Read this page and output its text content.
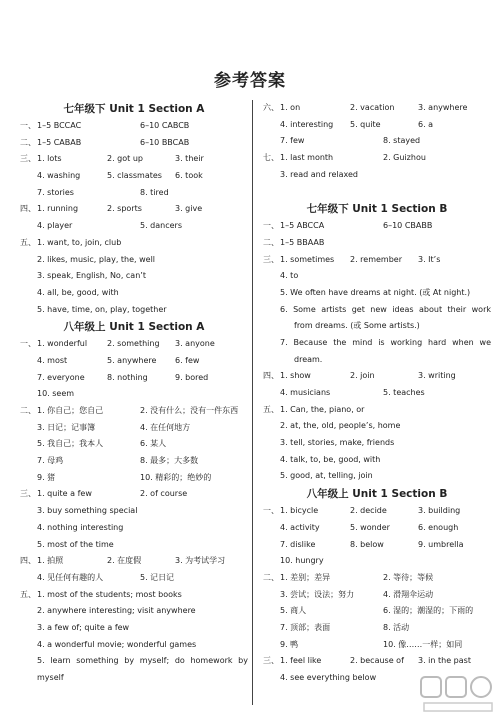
参考答案
七年级下 Unit 1 Section A
一、 1–5 BCCAC	6–10 CABCB
二、 1–5 CABAB	6–10 BBCAB
三、 1. lots	2. got up	3. their
4. washing	5. classmates 6. took
7. stories	8. tired
四、 1. running	2. sports	3. give
4. player	5. dancers
五、 1. want, to, join, club
2. likes, music, play, the, well
3. speak, English, No, can’t
4. all, be, good, with
5. have, time, on, play, together
八年级上 Unit 1 Section A
一、 1. wonderful 2. something 3. anyone
4. most	5. anywhere 6. few
7. everyone	8. nothing	9. bored
10. seem
二、 1. 你自己；您自己	2. 没有什么；没有一件东西
3. 日记；记事簿	4. 在任何地方
5. 我自己；我本人	6. 某人
7. 母鸡	8. 最多；大多数
9. 猪	10. 精彩的；绝妙的
三、 1. quite a few	2. of course
3. buy something special
4. nothing interesting
5. most of the time
四、 1. 拍照	2. 在度假	3. 为考试学习
4. 见任何有趣的人	5. 记日记
五、 1. most of the students; most books
2. anywhere interesting; visit anywhere
3. a few of; quite a few
4. a wonderful movie; wonderful games
5. learn something by myself; do homework by
myself
六、 1. on	2. vacation	3. anywhere
4. interesting 5. quite	6. a
7. few	8. stayed
七、 1. last month	2. Guizhou
3. read and relaxed
七年级下 Unit 1 Section B
一、 1–5 ABCCA	6–10 CBABB
二、 1–5 BBAAB
三、 1. sometimes 2. remember 3. It’s
4. to
5. We often have dreams at night. (或 At night.)
6. Some artists get new ideas about their work
from dreams. (或 Some artists.)
7. Because the mind is working hard when we
dream.
四、 1. show	2. join	3. writing
4. musicians	5. teaches
五、 1. Can, the, piano, or
2. at, the, old, people’s, home
3. tell, stories, make, friends
4. talk, to, be, good, with
5. good, at, telling, join
八年级上 Unit 1 Section B
一、 1. bicycle	2. decide	3. building
4. activity	5. wonder	6. enough
7. dislike	8. below	9. umbrella
10. hungry
二、 1. 差别；差异	2. 等待；等候
3. 尝试；设法；努力	4. 滑翔伞运动
5. 商人	6. 湿的；潮湿的；下雨的
7. 顶部；表面	8. 活动
9. 鸭	10. 像……一样；如同
三、 1. feel like	2. because of 3. in the past
4. see everything below
